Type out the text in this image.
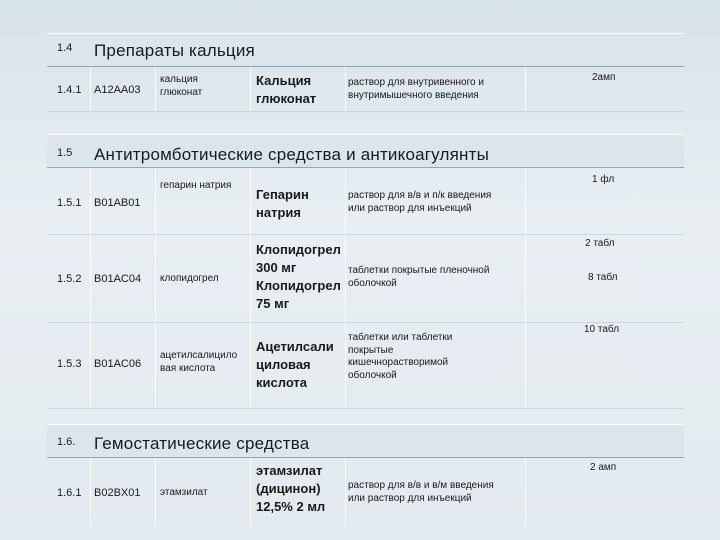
1.4 Препараты кальция
1.4.1 A12AA03
кальция
глюконат
Кальция
глюконат
раствор для внутривенного и
внутримышечного введения
2амп
1.5 Антитромботические средства и антикоагулянты
1.5.1 B01AB01
гепарин натрия
Гепарин
натрия
раствор для в/в и п/к введения
или раствор для инъекций
1 фл
1.5.2 B01AC04 клопидогрел
Клопидогрел
300 мг
Клопидогрел
75 мг
таблетки покрытые пленочной
оболочкой
2 табл
8 табл
1.5.3 B01AC06
ацетилсалицило
вая кислота
Ацетилсали
циловая
кислота
таблетки или таблетки
покрытые
кишечнорастворимой
оболочкой
10 табл
1.6. Гемостатические средства
1.6.1 B02BX01 этамзилат
этамзилат
(дицинон)
12,5% 2 мл
раствор для в/в и в/м введения
или раствор для инъекций
2 амп
